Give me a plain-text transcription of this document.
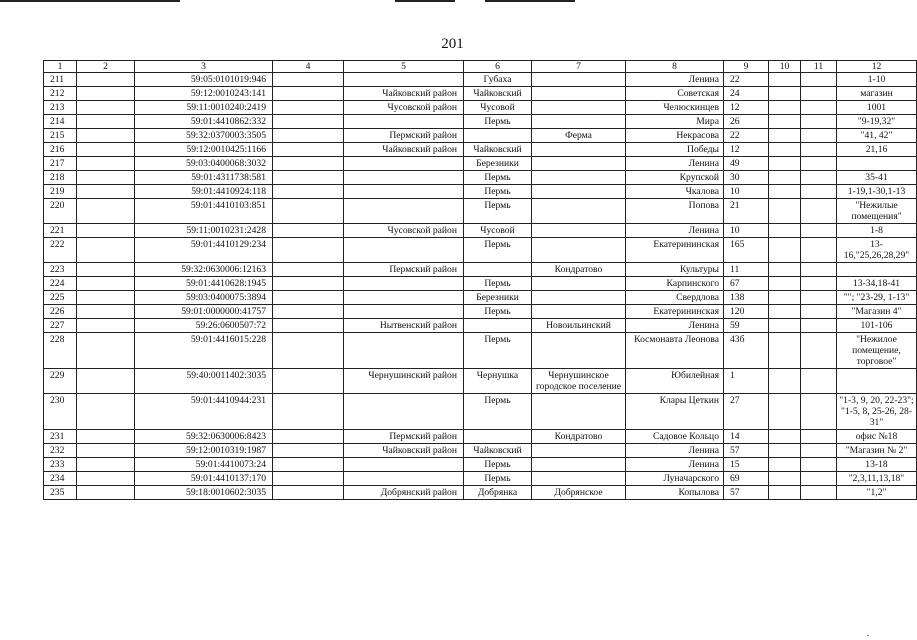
201
1	2	3	4	5	6	7	8	9	10	11	12
211		59:05:0101019:946			Губаха		Ленина	22			1-10
212		59:12:0010243:141		Чайковский район	Чайковский		Советская	24			магазин
213		59:11:0010240:2419		Чусовской район	Чусовой		Челюскинцев	12			1001
214		59:01:4410862:332			Пермь		Мира	26			"9-19,32"
215		59:32:0370003:3505		Пермский район		Ферма	Некрасова	22			"41, 42"
216		59:12:0010425:1166		Чайковский район	Чайковский		Победы	12			21,16
217		59:03:0400068:3032			Березники		Ленина	49			
218		59:01:4311738:581			Пермь		Крупской	30			35-41
219		59:01:4410924:118			Пермь		Чкалова	10			1-19,1-30,1-13
220		59:01:4410103:851			Пермь		Попова	21			"Нежилые помещения"
221		59:11:0010231:2428		Чусовской район	Чусовой		Ленина	10			1-8
222		59:01:4410129:234			Пермь		Екатерининская	165			13-16,"25,26,28,29"
223		59:32:0630006:12163		Пермский район		Кондратово	Культуры	11			
224		59:01:4410628:1945			Пермь		Карпинского	67			13-34,18-41
225		59:03:0400075:3894			Березники		Свердлова	138			""; "23-29, 1-13"
226		59:01:0000000:41757			Пермь		Екатерининская	120			"Магазин 4"
227		59:26:0600507:72		Нытвенский район		Новоильинский	Ленина	59			101-106
228		59:01:4416015:228			Пермь		Космонавта Леонова	43б			"Нежилое помещение, торговое"
229		59:40:0011402:3035		Чернушинский район	Чернушка	Чернушинское городское поселение	Юбилейная	1			
230		59:01:4410944:231			Пермь		Клары Цеткин	27			"1-3, 9, 20, 22-23"; "1-5, 8, 25-26, 28-31"
231		59:32:0630006:8423		Пермский район		Кондратово	Садовое Кольцо	14			офис №18
232		59:12:0010319:1987		Чайковский район	Чайковский		Ленина	57			"Магазин № 2"
233		59:01:4410073:24			Пермь		Ленина	15			13-18
234		59:01:4410137:170			Пермь		Луначарского	69			"2,3,11,13,18"
235		59:18:0010602:3035		Добрянский район	Добрянка	Добрянское	Копылова	57			"1,2"
.
